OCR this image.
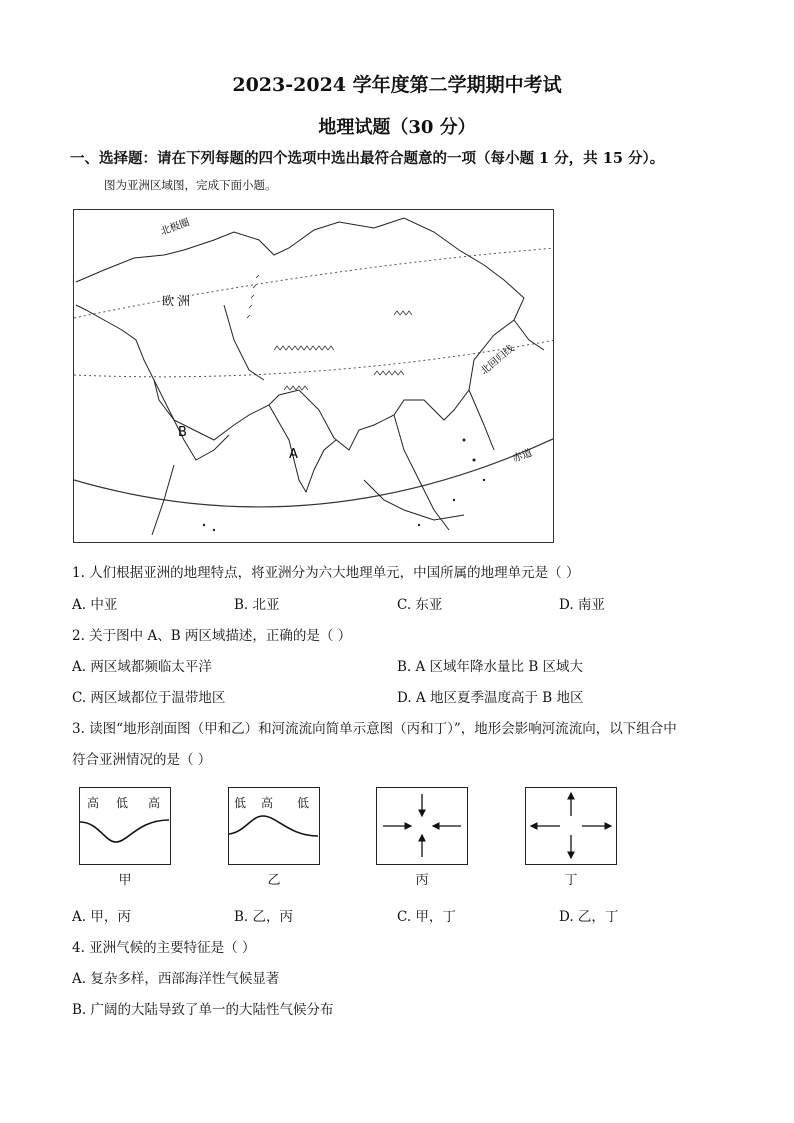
2023-2024 学年度第二学期期中考试
地理试题（30 分）
一、选择题：请在下列每题的四个选项中选出最符合题意的一项（每小题 1 分，共 15 分）。
图为亚洲区域图，完成下面小题。
北极圈
欧 洲
北回归线
赤道
A
B
1. 人们根据亚洲的地理特点，将亚洲分为六大地理单元，中国所属的地理单元是（ ）
A. 中亚	B. 北亚	C. 东亚	D. 南亚
2. 关于图中 A、B 两区域描述，正确的是（ ）
A. 两区域都频临太平洋	B. A 区域年降水量比 B 区域大
C. 两区域都位于温带地区	D. A 地区夏季温度高于 B 地区
3. 读图“地形剖面图（甲和乙）和河流流向简单示意图（丙和丁）”，地形会影响河流流向，以下组合中
符合亚洲情况的是（ ）
高 低 高
甲
低 高 低
乙	丙	丁
A. 甲，丙	B. 乙，丙	C. 甲，丁	D. 乙，丁
4. 亚洲气候的主要特征是（ ）
A. 复杂多样，西部海洋性气候显著
B. 广阔的大陆导致了单一的大陆性气候分布
